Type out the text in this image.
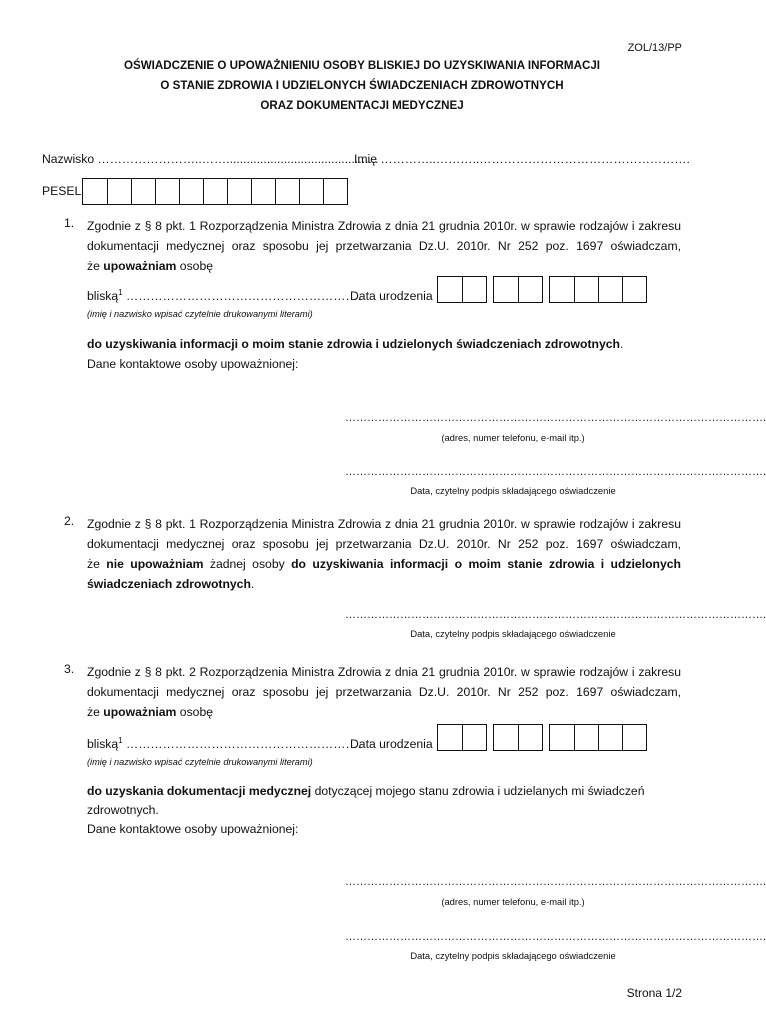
ZOL/13/PP
OŚWIADCZENIE O UPOWAŻNIENIU OSOBY BLISKIEJ DO UZYSKIWANIA INFORMACJI
O STANIE ZDROWIA I UDZIELONYCH ŚWIADCZENIACH ZDROWOTNYCH
ORAZ DOKUMENTACJI MEDYCZNEJ
Nazwisko ……………………..…….............................................
Imię …………..………..…………………………………………….
PESEL
1. Zgodnie z § 8 pkt. 1 Rozporządzenia Ministra Zdrowia z dnia 21 grudnia 2010r. w sprawie rodzajów i zakresu
dokumentacji medycznej oraz sposobu jej przetwarzania Dz.U. 2010r. Nr 252 poz. 1697 oświadczam,
że upoważniam osobę
bliską$^1$ ………………………………………………….
(imię i nazwisko wpisać czytelnie drukowanymi literami)
Data urodzenia
do uzyskiwania informacji o moim stanie zdrowia i udzielonych świadczeniach zdrowotnych.
Dane kontaktowe osoby upoważnionej:
…………………………………………………………………………………………………….
(adres, numer telefonu, e-mail itp.)
…………………………………………………………………………………………………….
Data, czytelny podpis składającego oświadczenie
2. Zgodnie z § 8 pkt. 1 Rozporządzenia Ministra Zdrowia z dnia 21 grudnia 2010r. w sprawie rodzajów i zakresu
dokumentacji medycznej oraz sposobu jej przetwarzania Dz.U. 2010r. Nr 252 poz. 1697 oświadczam,
że nie upoważniam żadnej osoby do uzyskiwania informacji o moim stanie zdrowia i udzielonych
świadczeniach zdrowotnych.
…………………………………………………………………………………………………….
Data, czytelny podpis składającego oświadczenie
3. Zgodnie z § 8 pkt. 2 Rozporządzenia Ministra Zdrowia z dnia 21 grudnia 2010r. w sprawie rodzajów i zakresu
dokumentacji medycznej oraz sposobu jej przetwarzania Dz.U. 2010r. Nr 252 poz. 1697 oświadczam,
że upoważniam osobę
bliską$^1$ ………………………………………………….
(imię i nazwisko wpisać czytelnie drukowanymi literami)
Data urodzenia
do uzyskania dokumentacji medycznej dotyczącej mojego stanu zdrowia i udzielanych mi świadczeń
zdrowotnych.
Dane kontaktowe osoby upoważnionej:
…………………………………………………………………………………………………….
(adres, numer telefonu, e-mail itp.)
…………………………………………………………………………………………………….
Data, czytelny podpis składającego oświadczenie
Strona 1/2
